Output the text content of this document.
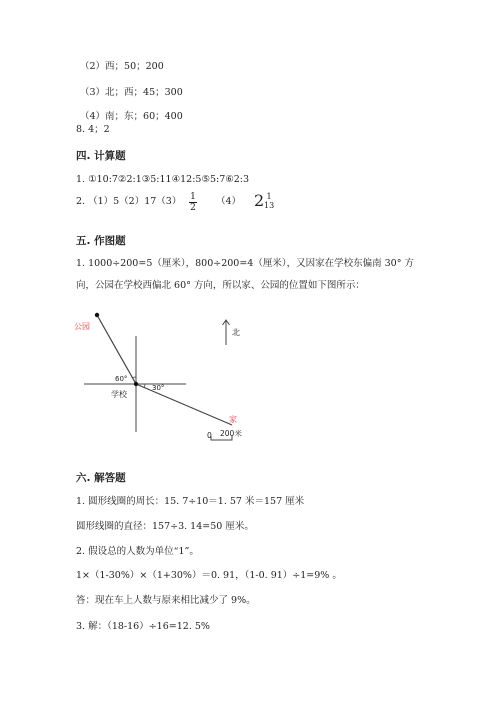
（2）西；50；200
（3）北；西；45；300
（4）南；东；60；400
8. 4；2
四. 计算题
1. ①10:7②2:1③5:11④12:5⑤5:7⑥2:3
2. （1）5（2）17（3） 1
2
（4） 2 1
13
五. 作图题
1. 1000÷200=5（厘米），800÷200=4（厘米），又因家在学校东偏南 30° 方
向，公园在学校西偏北 60° 方向，所以家、公园的位置如下图所示：
公园
60°
30°
学校
家
北
0 200米
六. 解答题
1. 圆形线圈的周长：15. 7÷10＝1. 57 米＝157 厘米
圆形线圈的直径：157÷3. 14=50 厘米。
2. 假设总的人数为单位“1”。
1×（1-30%）×（1+30%）＝0. 91，（1-0. 91）÷1=9% 。
答：现在车上人数与原来相比减少了 9%。
3. 解：（18-16）÷16=12. 5%
